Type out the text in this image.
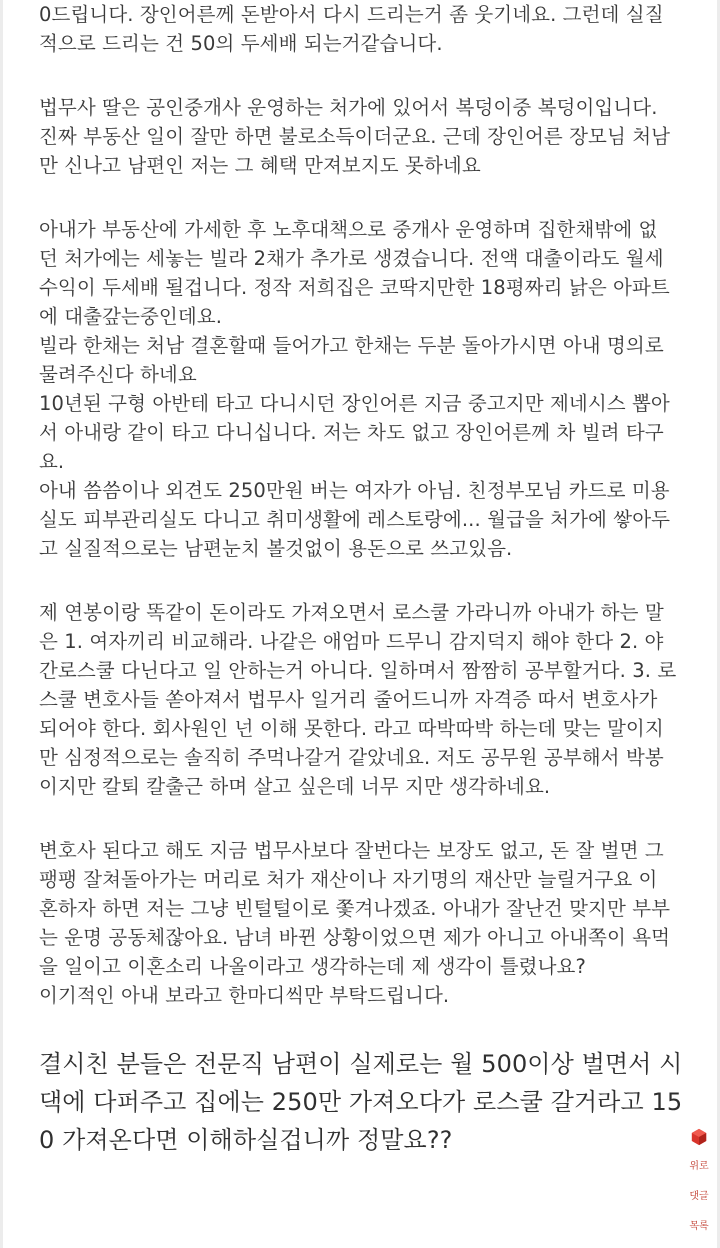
0드립니다. 장인어른께 돈받아서 다시 드리는거 좀 웃기네요. 그런데 실질
적으로 드리는 건 50의 두세배 되는거같습니다.
법무사 딸은 공인중개사 운영하는 처가에 있어서 복덩이중 복덩이입니다.
진짜 부동산 일이 잘만 하면 불로소득이더군요. 근데 장인어른 장모님 처남
만 신나고 남편인 저는 그 혜택 만져보지도 못하네요
아내가 부동산에 가세한 후 노후대책으로 중개사 운영하며 집한채밖에 없
던 처가에는 세놓는 빌라 2채가 추가로 생겼습니다. 전액 대출이라도 월세
수익이 두세배 될겁니다. 정작 저희집은 코딱지만한 18평짜리 낡은 아파트
에 대출갚는중인데요.
빌라 한채는 처남 결혼할때 들어가고 한채는 두분 돌아가시면 아내 명의로
물려주신다 하네요
10년된 구형 아반테 타고 다니시던 장인어른 지금 중고지만 제네시스 뽑아
서 아내랑 같이 타고 다니십니다. 저는 차도 없고 장인어른께 차 빌려 타구
요.
아내 씀씀이나 외견도 250만원 버는 여자가 아님. 친정부모님 카드로 미용
실도 피부관리실도 다니고 취미생활에 레스토랑에... 월급을 처가에 쌓아두
고 실질적으로는 남편눈치 볼것없이 용돈으로 쓰고있음.
제 연봉이랑 똑같이 돈이라도 가져오면서 로스쿨 가라니까 아내가 하는 말
은 1. 여자끼리 비교해라. 나같은 애엄마 드무니 감지덕지 해야 한다 2. 야
간로스쿨 다닌다고 일 안하는거 아니다. 일하며서 짬짬히 공부할거다. 3. 로
스쿨 변호사들 쏟아져서 법무사 일거리 줄어드니까 자격증 따서 변호사가
되어야 한다. 회사원인 넌 이해 못한다. 라고 따박따박 하는데 맞는 말이지
만 심정적으로는 솔직히 주먹나갈거 같았네요. 저도 공무원 공부해서 박봉
이지만 칼퇴 칼출근 하며 살고 싶은데 너무 지만 생각하네요.
변호사 된다고 해도 지금 법무사보다 잘번다는 보장도 없고, 돈 잘 벌면 그
팽팽 잘쳐돌아가는 머리로 처가 재산이나 자기명의 재산만 늘릴거구요 이
혼하자 하면 저는 그냥 빈털털이로 쫓겨나겠죠. 아내가 잘난건 맞지만 부부
는 운명 공동체잖아요. 남녀 바뀐 상황이었으면 제가 아니고 아내쪽이 욕먹
을 일이고 이혼소리 나올이라고 생각하는데 제 생각이 틀렸나요?
이기적인 아내 보라고 한마디씩만 부탁드립니다.
결시친 분들은 전문직 남편이 실제로는 월 500이상 벌면서 시
댁에 다퍼주고 집에는 250만 가져오다가 로스쿨 갈거라고 15
0 가져온다면 이해하실겁니까 정말요??
위로
댓글
목록
